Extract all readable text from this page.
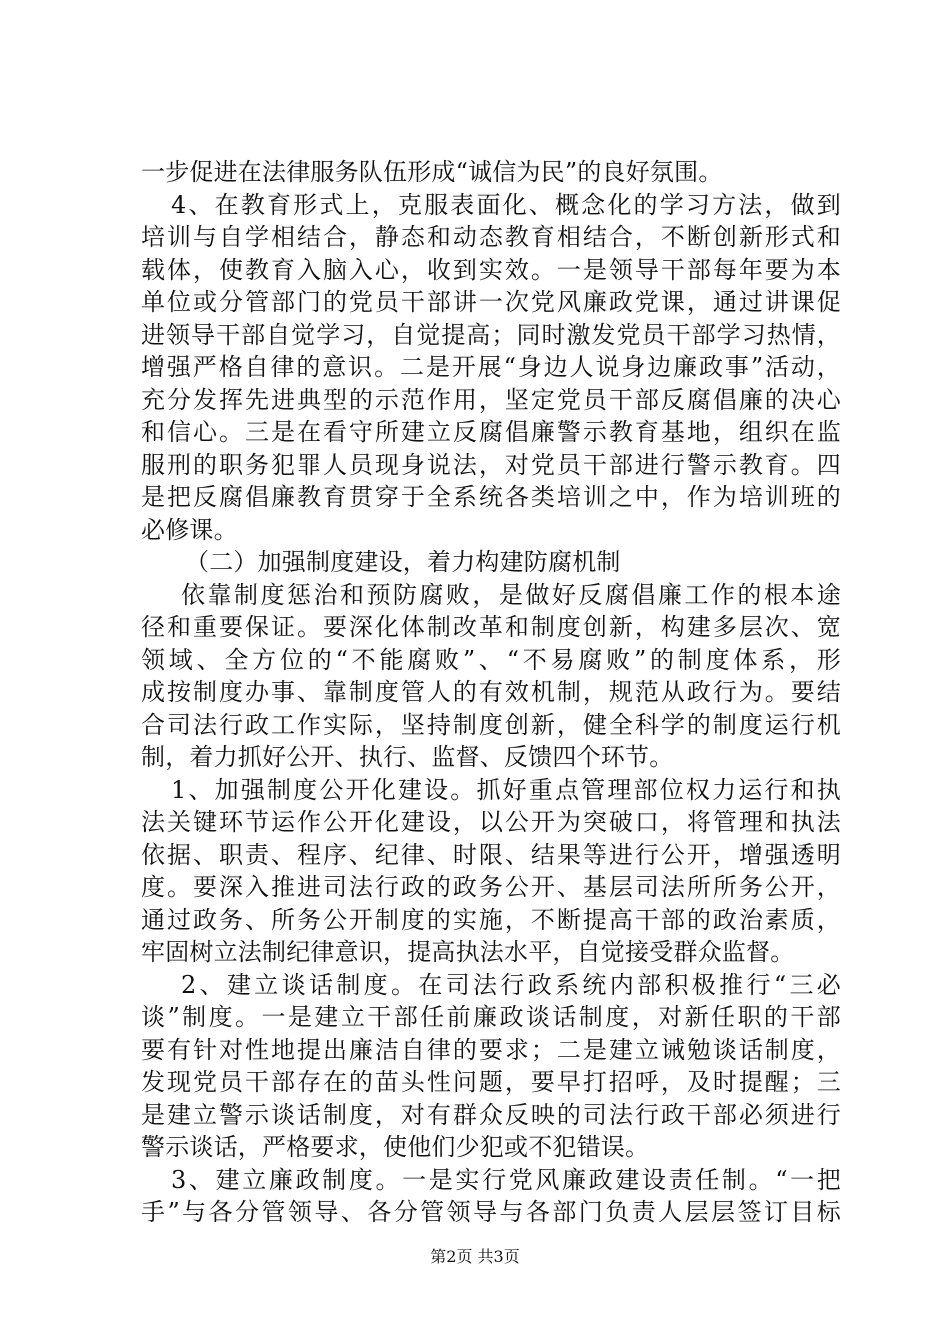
一步促进在法律服务队伍形成“诚信为民”的良好氛围。
4、在教育形式上，克服表面化、概念化的学习方法，做到
培训与自学相结合，静态和动态教育相结合，不断创新形式和
载体，使教育入脑入心，收到实效。一是领导干部每年要为本
单位或分管部门的党员干部讲一次党风廉政党课，通过讲课促
进领导干部自觉学习，自觉提高；同时激发党员干部学习热情，
增强严格自律的意识。二是开展“身边人说身边廉政事”活动，
充分发挥先进典型的示范作用，坚定党员干部反腐倡廉的决心
和信心。三是在看守所建立反腐倡廉警示教育基地，组织在监
服刑的职务犯罪人员现身说法，对党员干部进行警示教育。四
是把反腐倡廉教育贯穿于全系统各类培训之中，作为培训班的
必修课。
（二）加强制度建设，着力构建防腐机制
依靠制度惩治和预防腐败，是做好反腐倡廉工作的根本途
径和重要保证。要深化体制改革和制度创新，构建多层次、宽
领域、全方位的“不能腐败”、“不易腐败”的制度体系，形
成按制度办事、靠制度管人的有效机制，规范从政行为。要结
合司法行政工作实际，坚持制度创新，健全科学的制度运行机
制，着力抓好公开、执行、监督、反馈四个环节。
1、加强制度公开化建设。抓好重点管理部位权力运行和执
法关键环节运作公开化建设，以公开为突破口，将管理和执法
依据、职责、程序、纪律、时限、结果等进行公开，增强透明
度。要深入推进司法行政的政务公开、基层司法所所务公开，
通过政务、所务公开制度的实施，不断提高干部的政治素质，
牢固树立法制纪律意识，提高执法水平，自觉接受群众监督。
2、建立谈话制度。在司法行政系统内部积极推行“三必
谈”制度。一是建立干部任前廉政谈话制度，对新任职的干部
要有针对性地提出廉洁自律的要求；二是建立诫勉谈话制度，
发现党员干部存在的苗头性问题，要早打招呼，及时提醒；三
是建立警示谈话制度，对有群众反映的司法行政干部必须进行
警示谈话，严格要求，使他们少犯或不犯错误。
3、建立廉政制度。一是实行党风廉政建设责任制。“一把
手”与各分管领导、各分管领导与各部门负责人层层签订目标
第2页 共3页
